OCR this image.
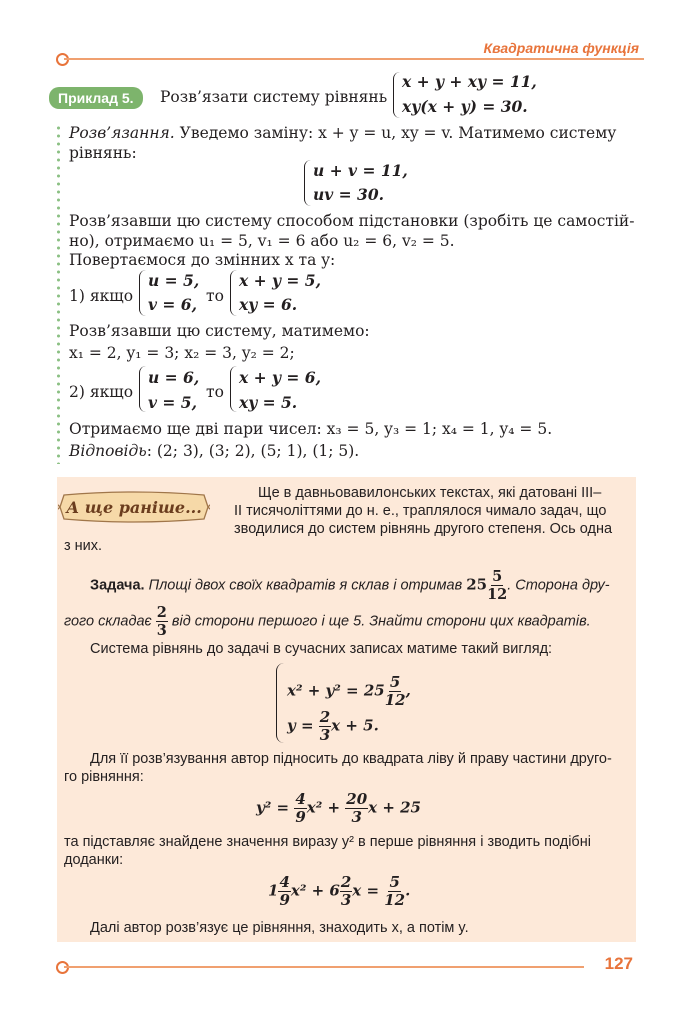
Квадратична функція
Приклад 5.	Розв’язати систему рівнянь
x + y + xy = 11,
xy(x + y) = 30.
Розв’язання. Уведемо заміну: x + y = u, xy = v. Матимемо систему
рівнянь:
u + v = 11,
uv = 30.
Розв’язавши цю систему способом підстановки (зробіть це самостій-
но), отримаємо u₁ = 5, v₁ = 6 або u₂ = 6, v₂ = 5.
Повертаємося до змінних x та y:
1) якщо
u = 5,
v = 6, то
x + y = 5,
xy = 6.
Розв’язавши цю систему, матимемо:
x₁ = 2, y₁ = 3; x₂ = 3, y₂ = 2;
2) якщо
u = 6,
v = 5,
то
x + y = 6,
xy = 5.
Отримаємо ще дві пари чисел: x₃ = 5, y₃ = 1; x₄ = 1, y₄ = 5.
Відповідь: (2; 3), (3; 2), (5; 1), (1; 5).
А ще раніше...
Ще в давньовавилонських текстах, які датовані III–
II тисячоліттями до н. е., траплялося чимало задач, що
зводилися до систем рівнянь другого степеня. Ось одна
з них.
Задача. Площі двох своїх квадратів я склав і отримав $25 \frac{5}{12}$ . Сторона дру-
гого складає $\frac{2}{3}$ від сторони першого і ще 5. Знайти сторони цих квадратів.
Система рівнянь до задачі в сучасних записах матиме такий вигляд:
$x^2 + y^2 = 25 \frac{5}{12}$ ,
$y = \frac{2}{3}$ x + 5.
Для її розв’язування автор підносить до квадрата ліву й праву частини друго-
го рівняння:
$y^2 = \frac{4}{9} x^2 + \frac{20}{3}$ x + 25
та підставляє знайдене значення виразу y² в перше рівняння і зводить подібні
доданки:
$1 \frac{4}{9} x^2 + 6 \frac{2}{3}$ $x = \frac{5}{12}$ .
Далі автор розв’язує це рівняння, знаходить x, а потім y.
127
